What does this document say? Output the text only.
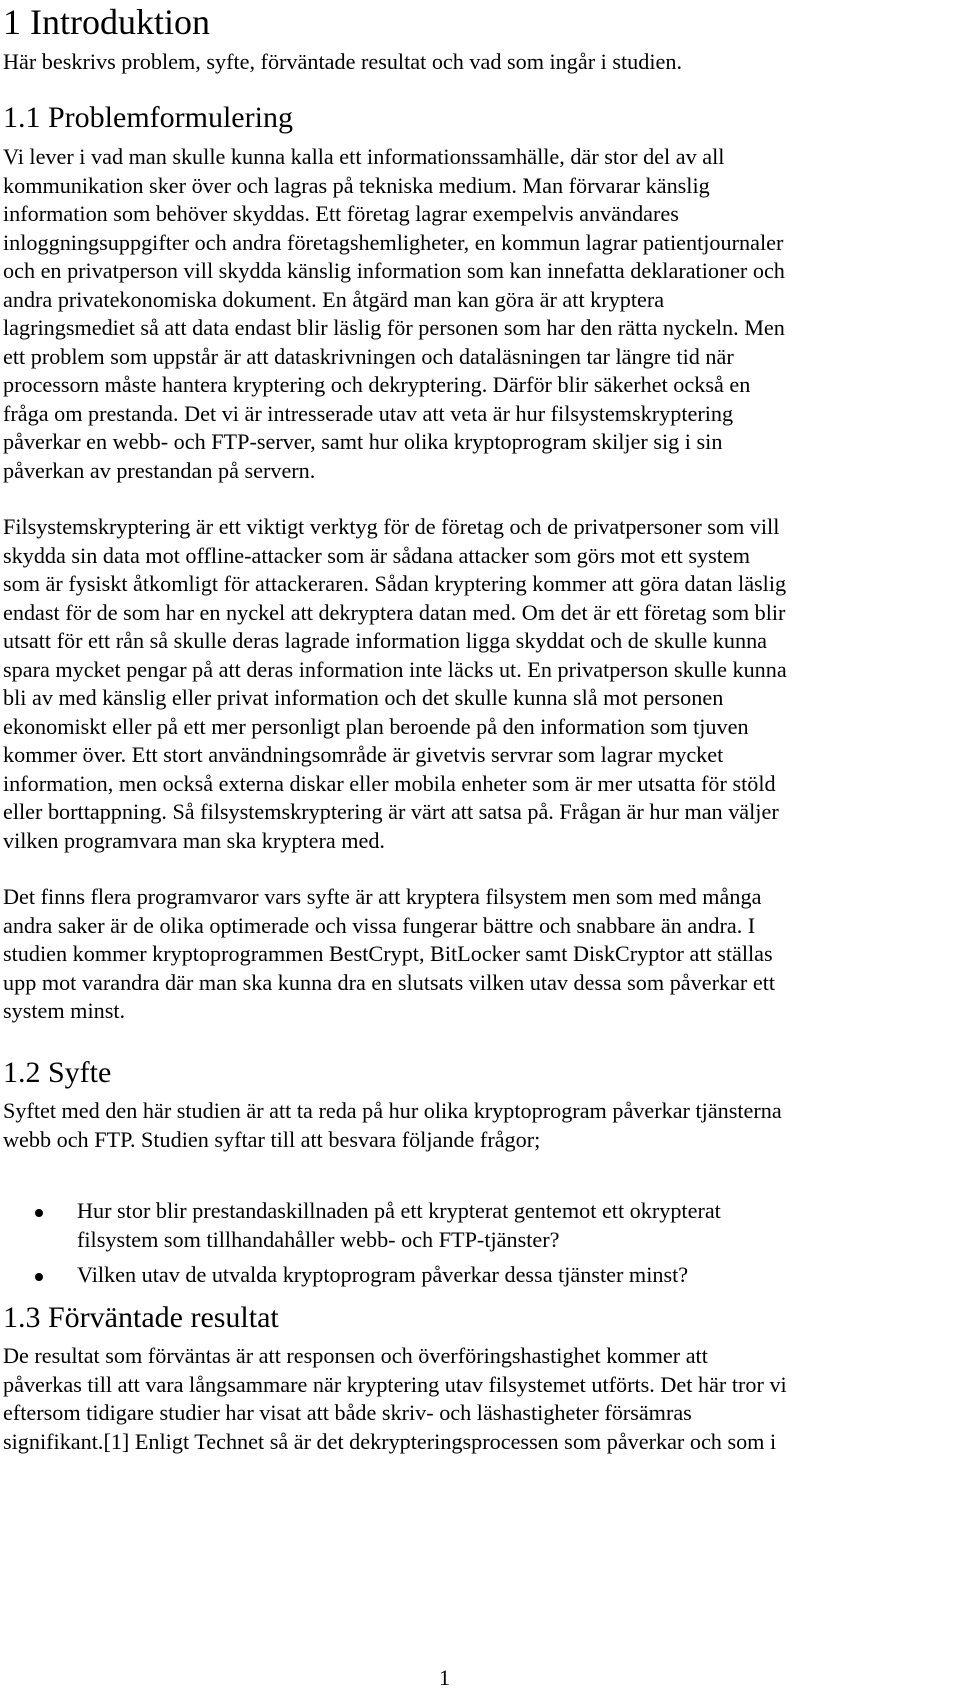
1 Introduktion
Här beskrivs problem, syfte, förväntade resultat och vad som ingår i studien.
1.1 Problemformulering
Vi lever i vad man skulle kunna kalla ett informationssamhälle, där stor del av all
kommunikation sker över och lagras på tekniska medium. Man förvarar känslig
information som behöver skyddas. Ett företag lagrar exempelvis användares
inloggningsuppgifter och andra företagshemligheter, en kommun lagrar patientjournaler
och en privatperson vill skydda känslig information som kan innefatta deklarationer och
andra privatekonomiska dokument. En åtgärd man kan göra är att kryptera
lagringsmediet så att data endast blir läslig för personen som har den rätta nyckeln. Men
ett problem som uppstår är att dataskrivningen och dataläsningen tar längre tid när
processorn måste hantera kryptering och dekryptering. Därför blir säkerhet också en
fråga om prestanda. Det vi är intresserade utav att veta är hur filsystemskryptering
påverkar en webb- och FTP-server, samt hur olika kryptoprogram skiljer sig i sin
påverkan av prestandan på servern.
Filsystemskryptering är ett viktigt verktyg för de företag och de privatpersoner som vill
skydda sin data mot offline-attacker som är sådana attacker som görs mot ett system
som är fysiskt åtkomligt för attackeraren. Sådan kryptering kommer att göra datan läslig
endast för de som har en nyckel att dekryptera datan med. Om det är ett företag som blir
utsatt för ett rån så skulle deras lagrade information ligga skyddat och de skulle kunna
spara mycket pengar på att deras information inte läcks ut. En privatperson skulle kunna
bli av med känslig eller privat information och det skulle kunna slå mot personen
ekonomiskt eller på ett mer personligt plan beroende på den information som tjuven
kommer över. Ett stort användningsområde är givetvis servrar som lagrar mycket
information, men också externa diskar eller mobila enheter som är mer utsatta för stöld
eller borttappning. Så filsystemskryptering är värt att satsa på. Frågan är hur man väljer
vilken programvara man ska kryptera med.
Det finns flera programvaror vars syfte är att kryptera filsystem men som med många
andra saker är de olika optimerade och vissa fungerar bättre och snabbare än andra. I
studien kommer kryptoprogrammen BestCrypt, BitLocker samt DiskCryptor att ställas
upp mot varandra där man ska kunna dra en slutsats vilken utav dessa som påverkar ett
system minst.
1.2 Syfte
Syftet med den här studien är att ta reda på hur olika kryptoprogram påverkar tjänsterna
webb och FTP. Studien syftar till att besvara följande frågor;
Hur stor blir prestandaskillnaden på ett krypterat gentemot ett okrypterat
filsystem som tillhandahåller webb- och FTP-tjänster?
Vilken utav de utvalda kryptoprogram påverkar dessa tjänster minst?
1.3 Förväntade resultat
De resultat som förväntas är att responsen och överföringshastighet kommer att
påverkas till att vara långsammare när kryptering utav filsystemet utförts. Det här tror vi
eftersom tidigare studier har visat att både skriv- och läshastigheter försämras
signifikant.[1] Enligt Technet så är det dekrypteringsprocessen som påverkar och som i
1
